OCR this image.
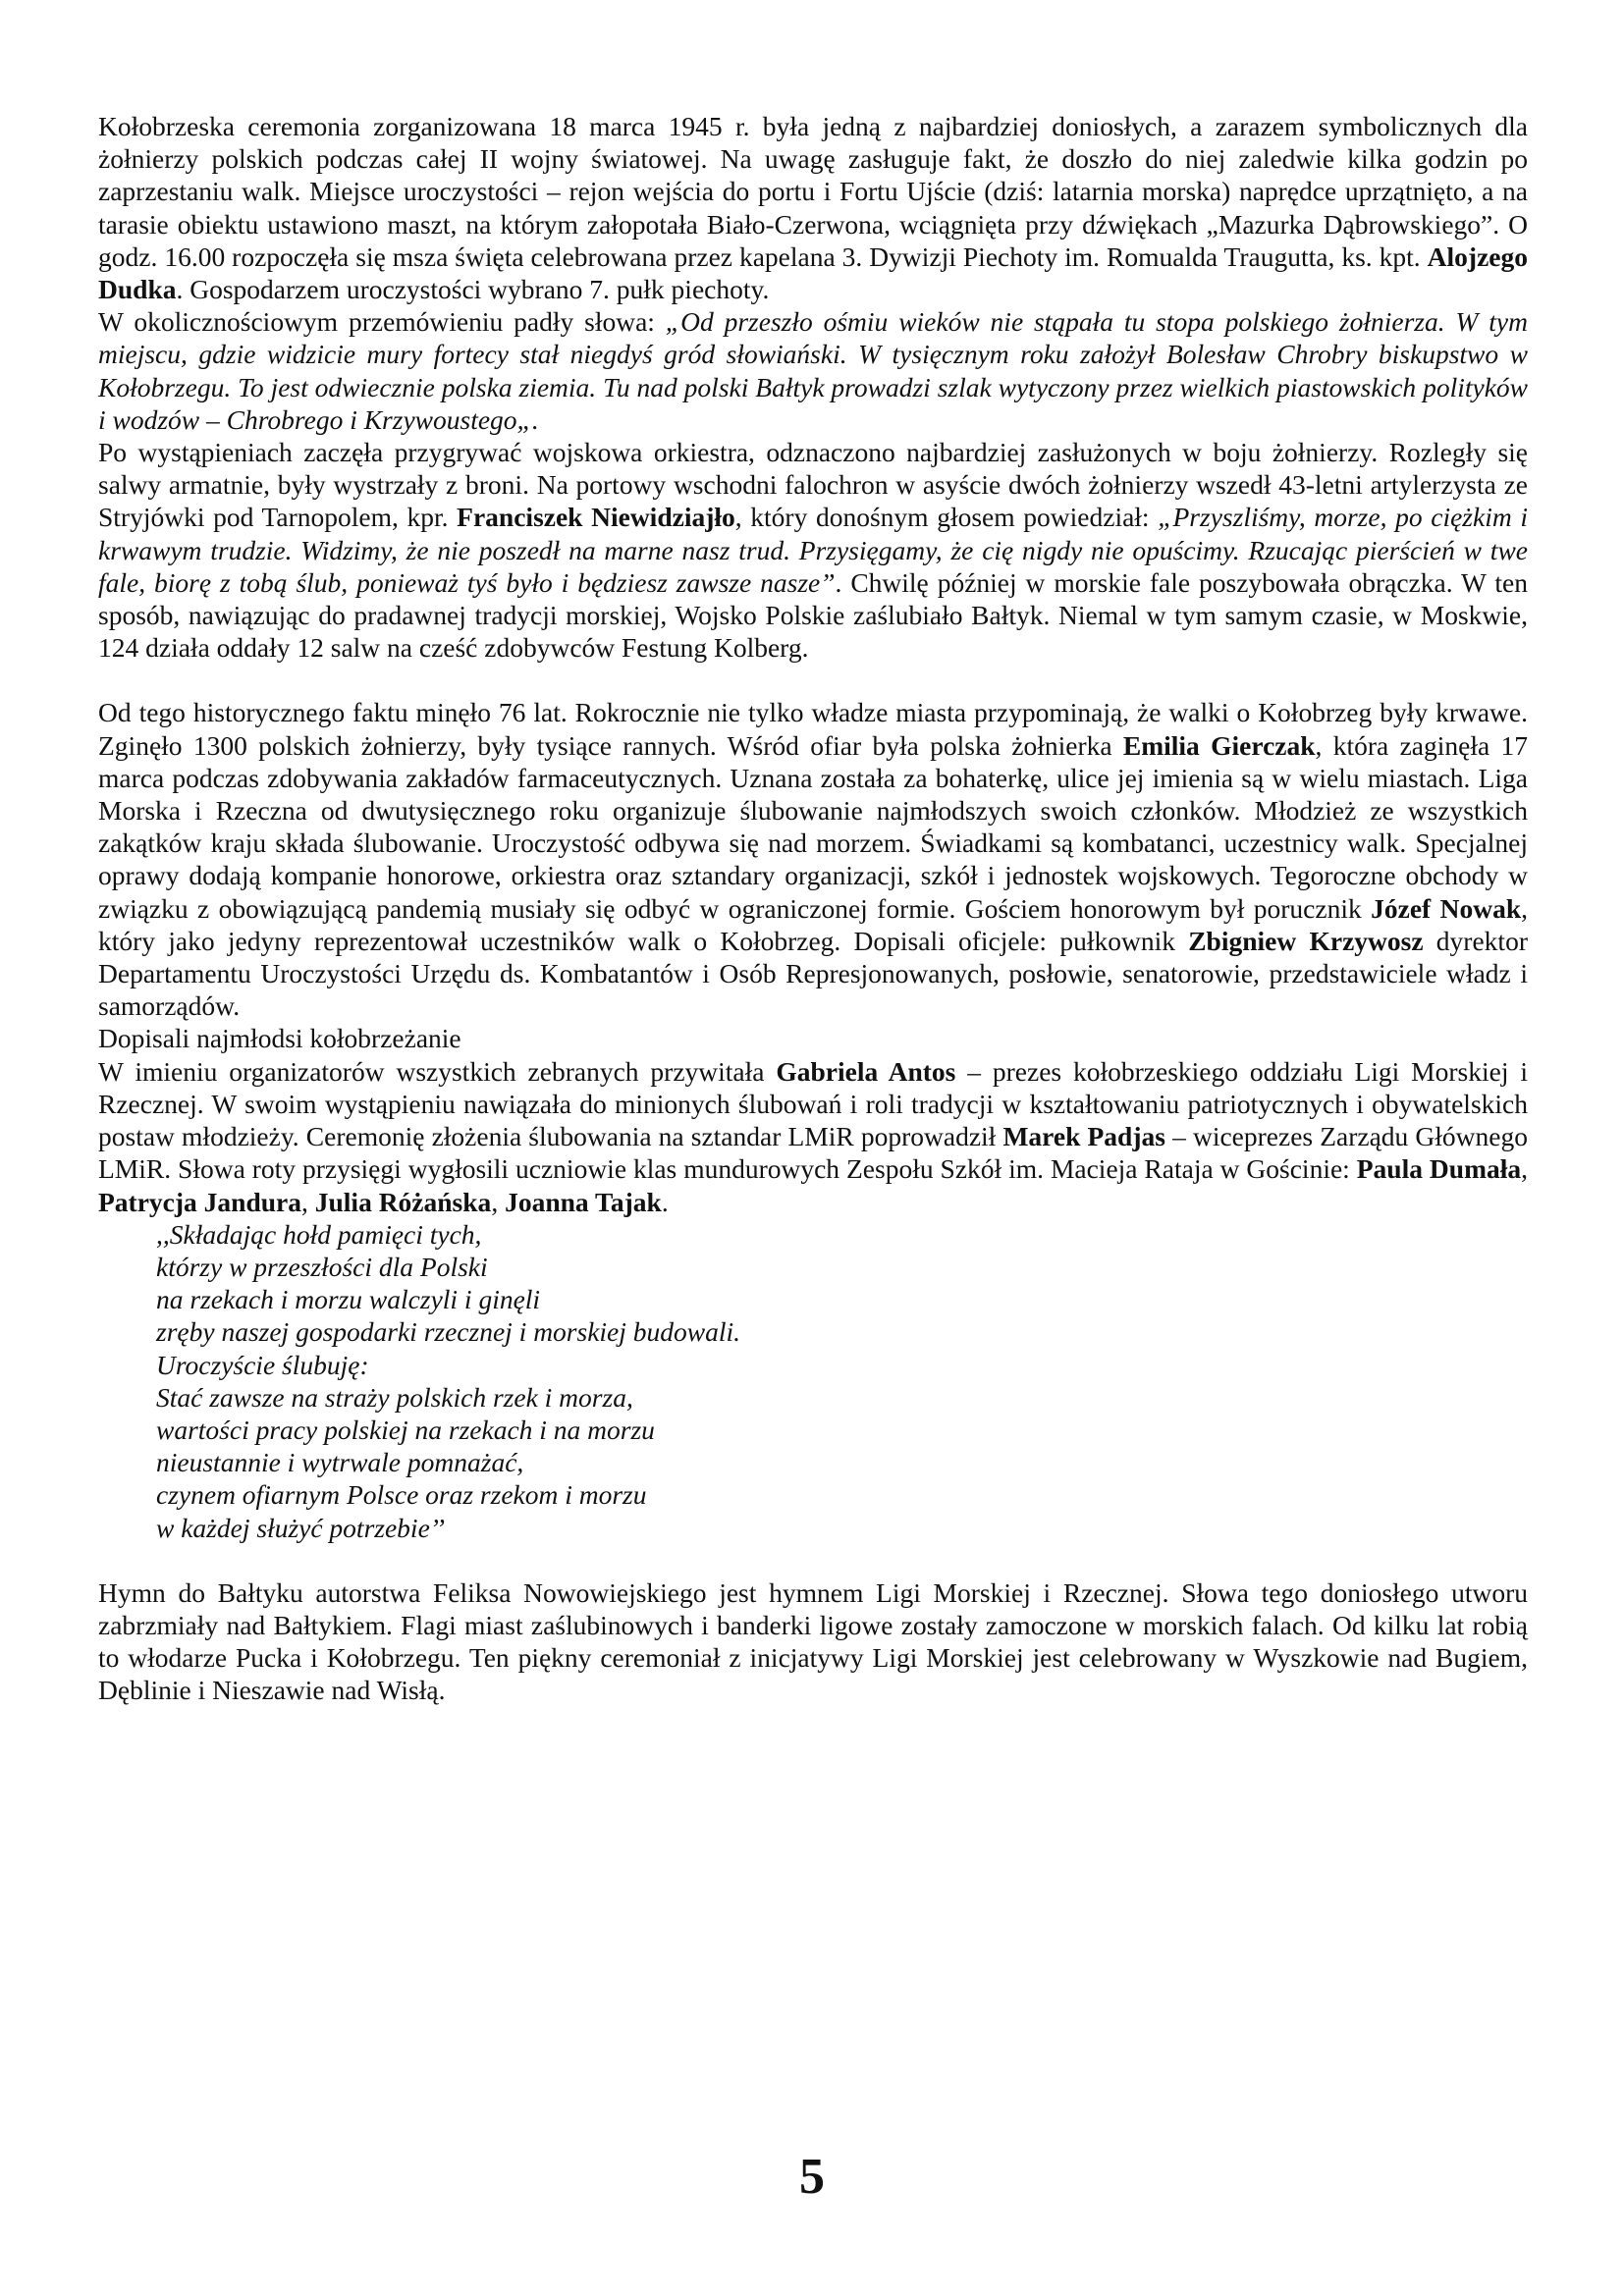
Kołobrzeska ceremonia zorganizowana 18 marca 1945 r. była jedną z najbardziej doniosłych, a zarazem symbolicznych dla żołnierzy polskich podczas całej II wojny światowej. Na uwagę zasługuje fakt, że doszło do niej zaledwie kilka godzin po zaprzestaniu walk. Miejsce uroczystości – rejon wejścia do portu i Fortu Ujście (dziś: latarnia morska) naprędce uprzątnięto, a na tarasie obiektu ustawiono maszt, na którym załopotała Biało-Czerwona, wciągnięta przy dźwiękach „Mazurka Dąbrowskiego”. O godz. 16.00 rozpoczęła się msza święta celebrowana przez kapelana 3. Dywizji Piechoty im. Romualda Traugutta, ks. kpt. Alojzego Dudka. Gospodarzem uroczystości wybrano 7. pułk piechoty.

W okolicznościowym przemówieniu padły słowa: „Od przeszło ośmiu wieków nie stąpała tu stopa polskiego żołnierza. W tym miejscu, gdzie widzicie mury fortecy stał niegdyś gród słowiański. W tysięcznym roku założył Bolesław Chrobry biskupstwo w Kołobrzegu. To jest odwiecznie polska ziemia. Tu nad polski Bałtyk prowadzi szlak wytyczony przez wielkich piastowskich polityków i wodzów – Chrobrego i Krzywoustego„.

Po wystąpieniach zaczęła przygrywać wojskowa orkiestra, odznaczono najbardziej zasłużonych w boju żołnierzy. Rozległy się salwy armatnie, były wystrzały z broni. Na portowy wschodni falochron w asyście dwóch żołnierzy wszedł 43-letni artylerzysta ze Stryjówki pod Tarnopolem, kpr. Franciszek Niewidziajło, który donośnym głosem powiedział: „Przyszliśmy, morze, po ciężkim i krwawym trudzie. Widzimy, że nie poszedł na marne nasz trud. Przysięgamy, że cię nigdy nie opuścimy. Rzucając pierścień w twe fale, biorę z tobą ślub, ponieważ tyś było i będziesz zawsze nasze”. Chwilę później w morskie fale poszybowała obrączka. W ten sposób, nawiązując do pradawnej tradycji morskiej, Wojsko Polskie zaślubiało Bałtyk. Niemal w tym samym czasie, w Moskwie, 124 działa oddały 12 salw na cześć zdobywców Festung Kolberg.

Od tego historycznego faktu minęło 76 lat. Rokrocznie nie tylko władze miasta przypominają, że walki o Kołobrzeg były krwawe. Zginęło 1300 polskich żołnierzy, były tysiące rannych. Wśród ofiar była polska żołnierka Emilia Gierczak, która zaginęła 17 marca podczas zdobywania zakładów farmaceutycznych. Uznana została za bohaterkę, ulice jej imienia są w wielu miastach. Liga Morska i Rzeczna od dwutysięcznego roku organizuje ślubowanie najmłodszych swoich członków. Młodzież ze wszystkich zakątków kraju składa ślubowanie. Uroczystość odbywa się nad morzem. Świadkami są kombatanci, uczestnicy walk. Specjalnej oprawy dodają kompanie honorowe, orkiestra oraz sztandary organizacji, szkół i jednostek wojskowych. Tegoroczne obchody w związku z obowiązującą pandemią musiały się odbyć w ograniczonej formie. Gościem honorowym był porucznik Józef Nowak, który jako jedyny reprezentował uczestników walk o Kołobrzeg. Dopisali oficjele: pułkownik Zbigniew Krzywosz dyrektor Departamentu Uroczystości Urzędu ds. Kombatantów i Osób Represjonowanych, posłowie, senatorowie, przedstawiciele władz i samorządów.

Dopisali najmłodsi kołobrzeżanie

W imieniu organizatorów wszystkich zebranych przywitała Gabriela Antos – prezes kołobrzeskiego oddziału Ligi Morskiej i Rzecznej. W swoim wystąpieniu nawiązała do minionych ślubowań i roli tradycji w kształtowaniu patriotycznych i obywatelskich postaw młodzieży. Ceremonię złożenia ślubowania na sztandar LMiR poprowadził Marek Padjas – wiceprezes Zarządu Głównego LMiR. Słowa roty przysięgi wygłosili uczniowie klas mundurowych Zespołu Szkół im. Macieja Rataja w Gościnie: Paula Dumała, Patrycja Jandura, Julia Różańska, Joanna Tajak.

,,Składając hołd pamięci tych,
którzy w przeszłości dla Polski
na rzekach i morzu walczyli i ginęli
zręby naszej gospodarki rzecznej i morskiej budowali.
Uroczyście ślubuję:
Stać zawsze na straży polskich rzek i morza,
wartości pracy polskiej na rzekach i na morzu
nieustannie i wytrwale pomnażać,
czynem ofiarnym Polsce oraz rzekom i morzu
w każdej służyć potrzebie’’

Hymn do Bałtyku autorstwa Feliksa Nowowiejskiego jest hymnem Ligi Morskiej i Rzecznej. Słowa tego doniosłego utworu zabrzmiały nad Bałtykiem. Flagi miast zaślubinowych i banderki ligowe zostały zamoczone w morskich falach. Od kilku lat robią to włodarze Pucka i Kołobrzegu. Ten piękny ceremoniał z inicjatywy Ligi Morskiej jest celebrowany w Wyszkowie nad Bugiem, Dęblinie i Nieszawie nad Wisłą.

5
